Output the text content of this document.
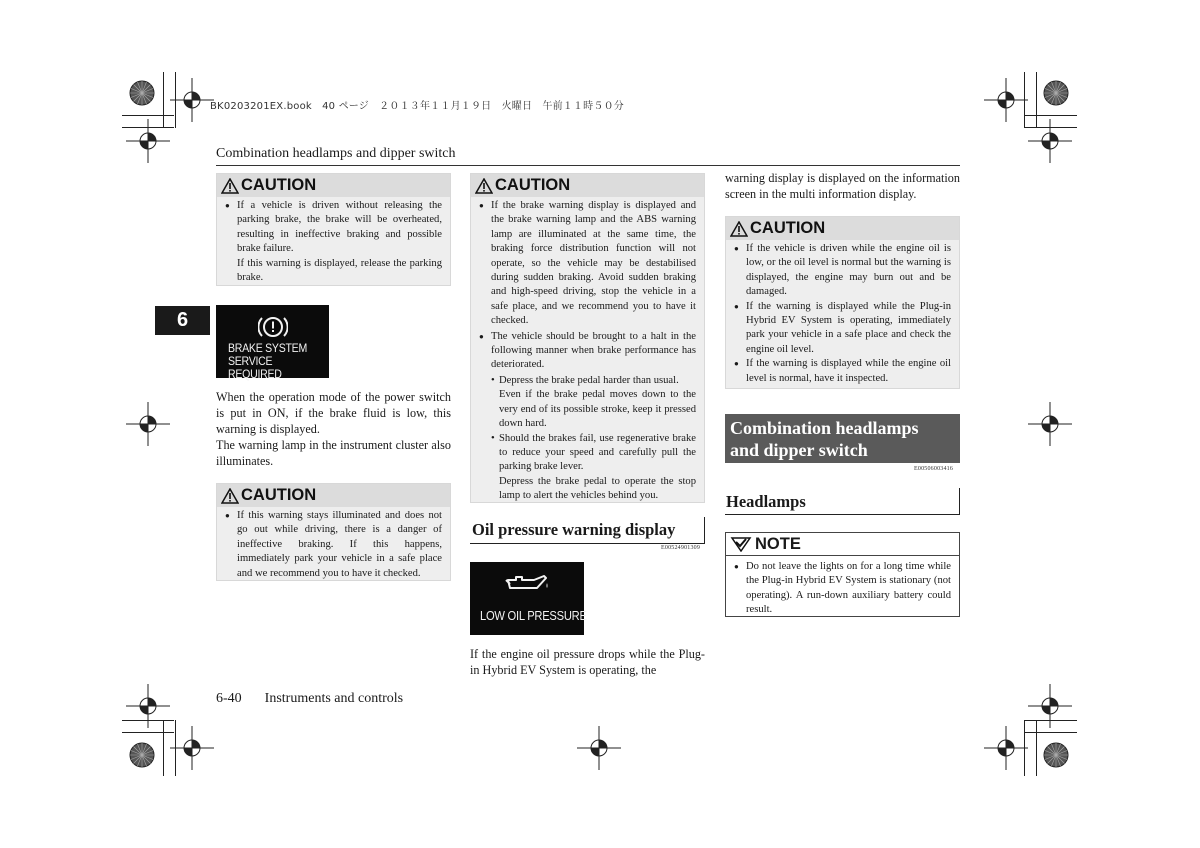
BK0203201EX.book　40 ページ　２０１３年１１月１９日　火曜日　午前１１時５０分
Combination headlamps and dipper switch
6
CAUTION
● If a vehicle is driven without releasing the parking brake, the brake will be overheated, resulting in ineffective braking and possible brake failure.
If this warning is displayed, release the parking brake.
BRAKE SYSTEM
SERVICE REQUIRED
When the operation mode of the power switch is put in ON, if the brake fluid is low, this warning is displayed.
The warning lamp in the instrument cluster also illuminates.
CAUTION
● If this warning stays illuminated and does not go out while driving, there is a danger of ineffective braking. If this happens, immediately park your vehicle in a safe place and we recommend you to have it checked.
CAUTION
● If the brake warning display is displayed and the brake warning lamp and the ABS warning lamp are illuminated at the same time, the braking force distribution function will not operate, so the vehicle may be destabilised during sudden braking. Avoid sudden braking and high-speed driving, stop the vehicle in a safe place, and we recommend you to have it checked.
● The vehicle should be brought to a halt in the following manner when brake performance has deteriorated.
• Depress the brake pedal harder than usual.
Even if the brake pedal moves down to the very end of its possible stroke, keep it pressed down hard.
• Should the brakes fail, use regenerative brake to reduce your speed and carefully pull the parking brake lever.
Depress the brake pedal to operate the stop lamp to alert the vehicles behind you.
Oil pressure warning display
E00524901309
LOW OIL PRESSURE
If the engine oil pressure drops while the Plug-in Hybrid EV System is operating, the
warning display is displayed on the information screen in the multi information display.
CAUTION
● If the vehicle is driven while the engine oil is low, or the oil level is normal but the warning is displayed, the engine may burn out and be damaged.
● If the warning is displayed while the Plug-in Hybrid EV System is operating, immediately park your vehicle in a safe place and check the engine oil level.
● If the warning is displayed while the engine oil level is normal, have it inspected.
Combination headlamps
and dipper switch
E00506003416
Headlamps
NOTE
● Do not leave the lights on for a long time while the Plug-in Hybrid EV System is stationary (not operating). A run-down auxiliary battery could result.
6-40 Instruments and controls
